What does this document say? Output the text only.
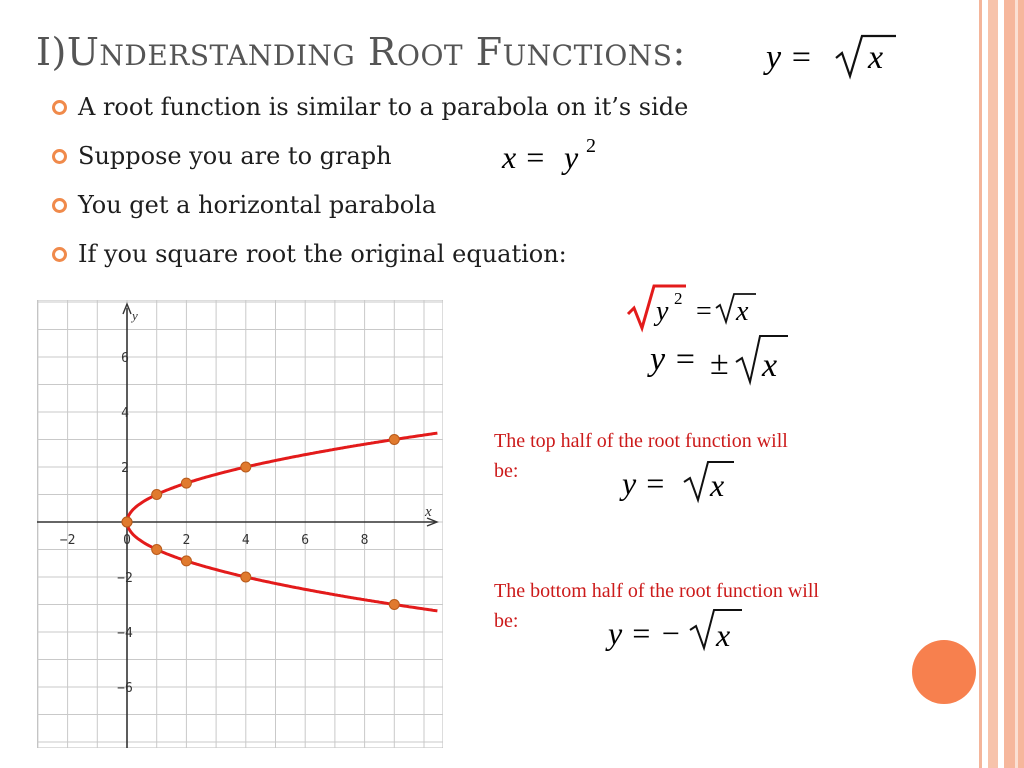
I)UNDERSTANDING ROOT FUNCTIONS: y = x
A root function is similar to a parabola on it’s side
Suppose you are to graph
You get a horizontal parabola
If you square root the original equation:
x = y 2
y 2 = x
y = ± x
The top half of the root function will
be:	y = x
The bottom half of the root function will
be:	y = − x
y
x
−2	0	2	4	6	8
6
4
2
−2
−4
−6
